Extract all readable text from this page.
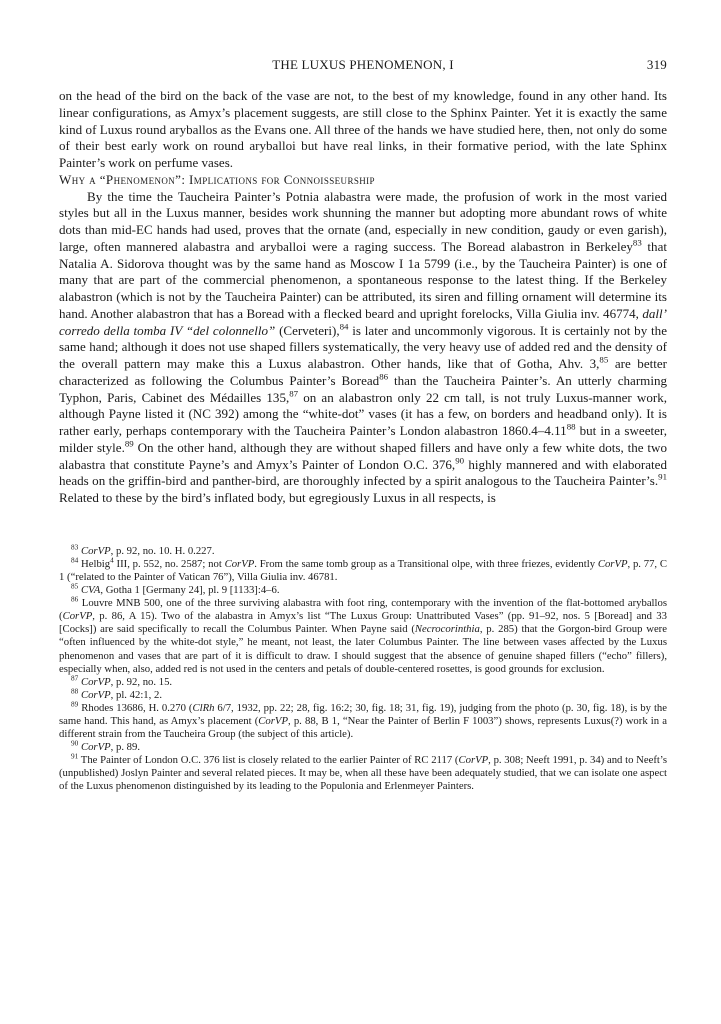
THE LUXUS PHENOMENON, I	319

on the head of the bird on the back of the vase are not, to the best of my knowledge, found in any other hand. Its linear configurations, as Amyx’s placement suggests, are still close to the Sphinx Painter. Yet it is exactly the same kind of Luxus round aryballos as the Evans one. All three of the hands we have studied here, then, not only do some of their best early work on round aryballoi but have real links, in their formative period, with the late Sphinx Painter’s work on perfume vases.

Why a “Phenomenon”: Implications for Connoisseurship

By the time the Taucheira Painter’s Potnia alabastra were made, the profusion of work in the most varied styles but all in the Luxus manner, besides work shunning the manner but adopting more abundant rows of white dots than mid-EC hands had used, proves that the ornate (and, especially in new condition, gaudy or even garish), large, often mannered alabastra and aryballoi were a raging success. The Boread alabastron in Berkeley$^{83}$ that Natalia A. Sidorova thought was by the same hand as Moscow I 1a 5799 (i.e., by the Taucheira Painter) is one of many that are part of the commercial phenomenon, a spontaneous response to the latest thing. If the Berkeley alabastron (which is not by the Taucheira Painter) can be attributed, its siren and filling ornament will determine its hand. Another alabastron that has a Boread with a flecked beard and upright forelocks, Villa Giulia inv. 46774, dall’ corredo della tomba IV “del colonnello” (Cerveteri),$^{84}$ is later and uncommonly vigorous. It is certainly not by the same hand; although it does not use shaped fillers systematically, the very heavy use of added red and the density of the overall pattern may make this a Luxus alabastron. Other hands, like that of Gotha, Ahv. 3,85 are better characterized as following the Columbus Painter’s Boread$^{86}$ than the Taucheira Painter’s. An utterly charming Typhon, Paris, Cabinet des Médailles 135,87 on an alabastron only 22 cm tall, is not truly Luxus-manner work, although Payne listed it (NC 392) among the “white-dot” vases (it has a few, on borders and headband only). It is rather early, perhaps contemporary with the Taucheira Painter’s London alabastron 1860.4–4.11$^{88}$ but in a sweeter, milder style.$^{89}$ On the other hand, although they are without shaped fillers and have only a few white dots, the two alabastra that constitute Payne’s and Amyx’s Painter of London O.C. 376,90 highly mannered and with elaborated heads on the griffin-bird and panther-bird, are thoroughly infected by a spirit analogous to the Taucheira Painter’s.$^{91}$ Related to these by the bird’s inflated body, but egregiously Luxus in all respects, is

$^{83}$ CorVP, p. 92, no. 10. H. 0.227.

$^{84}$ Helbig$^4$ III, p. 552, no. 2587; not CorVP. From the same tomb group as a Transitional olpe, with three friezes, evidently CorVP, p. 77, C 1 (“related to the Painter of Vatican 76”), Villa Giulia inv. 46781.

$^{85}$ CVA, Gotha 1 [Germany 24], pl. 9 [1133]:4–6.

$^{86}$ Louvre MNB 500, one of the three surviving alabastra with foot ring, contemporary with the invention of the flat-bottomed aryballos (CorVP, p. 86, A 15). Two of the alabastra in Amyx’s list “The Luxus Group: Unattributed Vases” (pp. 91–92, nos. 5 [Boread] and 33 [Cocks]) are said specifically to recall the Columbus Painter. When Payne said (Necrocorinthia, p. 285) that the Gorgon-bird Group were “often influenced by the white-dot style,” he meant, not least, the later Columbus Painter. The line between vases affected by the Luxus phenomenon and vases that are part of it is difficult to draw. I should suggest that the absence of genuine shaped fillers (“echo” fillers), especially when, also, added red is not used in the centers and petals of double-centered rosettes, is good grounds for exclusion.

$^{87}$ CorVP, p. 92, no. 15.

$^{88}$ CorVP, pl. 42:1, 2.

$^{89}$ Rhodes 13686, H. 0.270 (ClRh 6/7, 1932, pp. 22; 28, fig. 16:2; 30, fig. 18; 31, fig. 19), judging from the photo (p. 30, fig. 18), is by the same hand. This hand, as Amyx’s placement (CorVP, p. 88, B 1, “Near the Painter of Berlin F 1003”) shows, represents Luxus(?) work in a different strain from the Taucheira Group (the subject of this article).

$^{90}$ CorVP, p. 89.

$^{91}$ The Painter of London O.C. 376 list is closely related to the earlier Painter of RC 2117 (CorVP, p. 308; Neeft 1991, p. 34) and to Neeft’s (unpublished) Joslyn Painter and several related pieces. It may be, when all these have been adequately studied, that we can isolate one aspect of the Luxus phenomenon distinguished by its leading to the Populonia and Erlenmeyer Painters.
